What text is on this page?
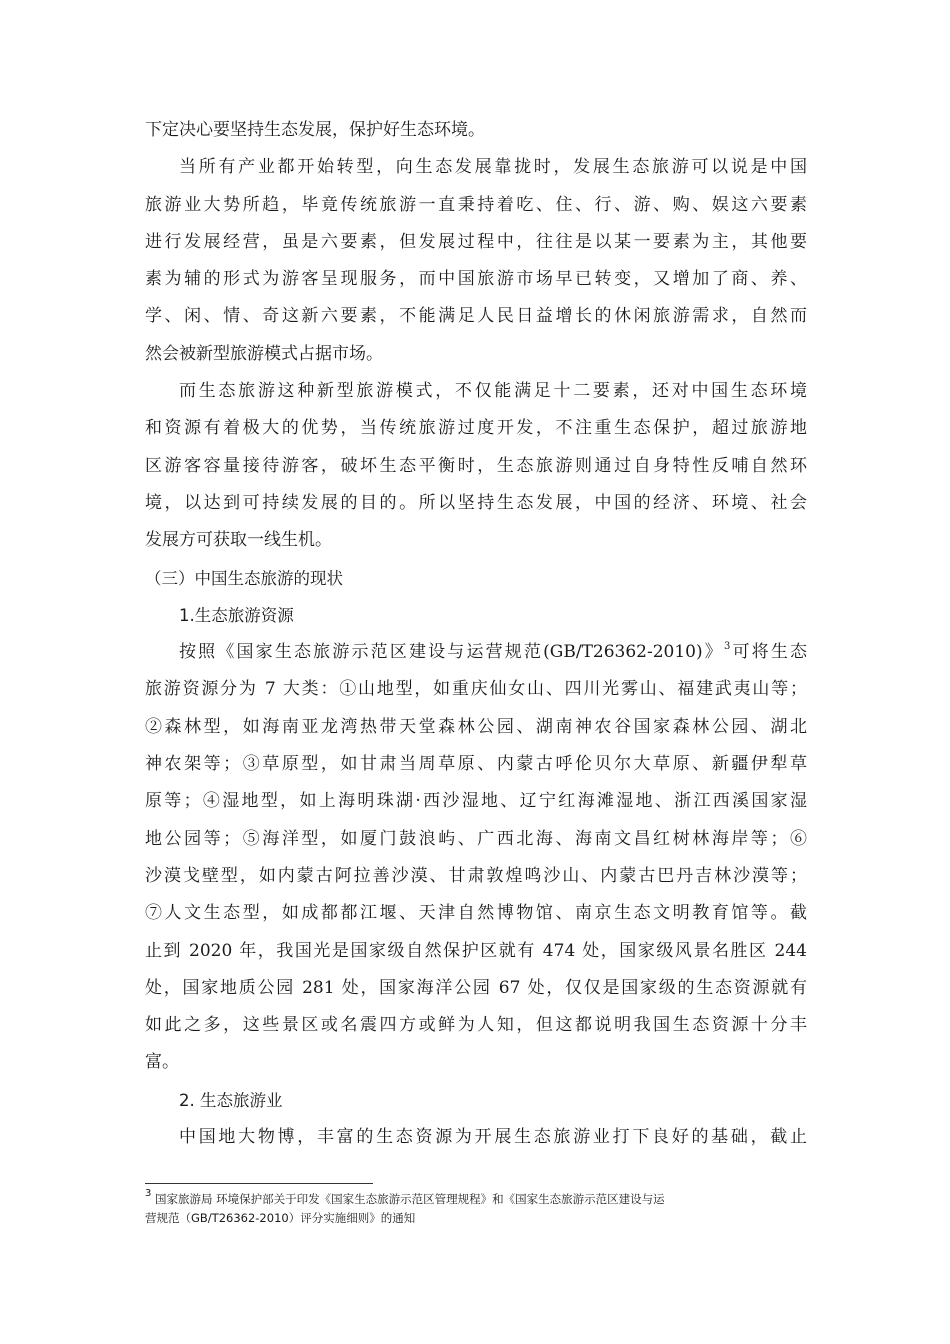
下定决心要坚持生态发展，保护好生态环境。
当所有产业都开始转型，向生态发展靠拢时，发展生态旅游可以说是中国
旅游业大势所趋，毕竟传统旅游一直秉持着吃、住、行、游、购、娱这六要素
进行发展经营，虽是六要素，但发展过程中，往往是以某一要素为主，其他要
素为辅的形式为游客呈现服务，而中国旅游市场早已转变，又增加了商、养、
学、闲、情、奇这新六要素，不能满足人民日益增长的休闲旅游需求，自然而
然会被新型旅游模式占据市场。
而生态旅游这种新型旅游模式，不仅能满足十二要素，还对中国生态环境
和资源有着极大的优势，当传统旅游过度开发，不注重生态保护，超过旅游地
区游客容量接待游客，破坏生态平衡时，生态旅游则通过自身特性反哺自然环
境，以达到可持续发展的目的。所以坚持生态发展，中国的经济、环境、社会
发展方可获取一线生机。
（三）中国生态旅游的现状
1.生态旅游资源
按照《国家生态旅游示范区建设与运营规范(GB/T26362-2010)》$^3$可将生态
旅游资源分为 7 大类：①山地型，如重庆仙女山、四川光雾山、福建武夷山等；
②森林型，如海南亚龙湾热带天堂森林公园、湖南神农谷国家森林公园、湖北
神农架等；③草原型，如甘肃当周草原、内蒙古呼伦贝尔大草原、新疆伊犁草
原等；④湿地型，如上海明珠湖·西沙湿地、辽宁红海滩湿地、浙江西溪国家湿
地公园等；⑤海洋型，如厦门鼓浪屿、广西北海、海南文昌红树林海岸等；⑥
沙漠戈壁型，如内蒙古阿拉善沙漠、甘肃敦煌鸣沙山、内蒙古巴丹吉林沙漠等；
⑦人文生态型，如成都都江堰、天津自然博物馆、南京生态文明教育馆等。截
止到 2020 年，我国光是国家级自然保护区就有 474 处，国家级风景名胜区 244
处，国家地质公园 281 处，国家海洋公园 67 处，仅仅是国家级的生态资源就有
如此之多，这些景区或名震四方或鲜为人知，但这都说明我国生态资源十分丰
富。
2. 生态旅游业
中国地大物博，丰富的生态资源为开展生态旅游业打下良好的基础，截止
$^3$ 国家旅游局 环境保护部关于印发《国家生态旅游示范区管理规程》和《国家生态旅游示范区建设与运
营规范（GB/T26362-2010）评分实施细则》的通知
